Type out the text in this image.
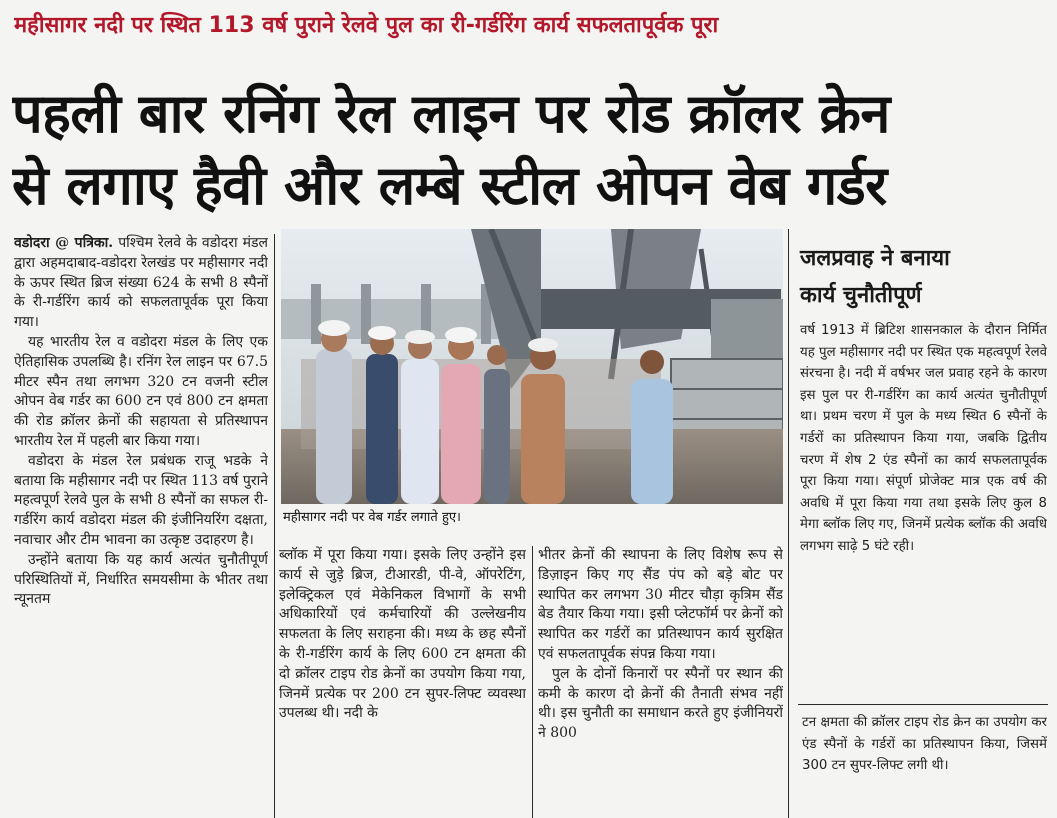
महीसागर नदी पर स्थित 113 वर्ष पुराने रेलवे पुल का री-गर्डरिंग कार्य सफलतापूर्वक पूरा
पहली बार रनिंग रेल लाइन पर रोड क्रॉलर क्रेन
से लगाए हैवी और लम्बे स्टील ओपन वेब गर्डर

वडोदरा @ पत्रिका. पश्चिम रेलवे के वडोदरा मंडल द्वारा अहमदाबाद-वडोदरा रेलखंड पर महीसागर नदी के ऊपर स्थित ब्रिज संख्या 624 के सभी 8 स्पैनों के री-गर्डरिंग कार्य को सफलतापूर्वक पूरा किया गया।

यह भारतीय रेल व वडोदरा मंडल के लिए एक ऐतिहासिक उपलब्धि है। रनिंग रेल लाइन पर 67.5 मीटर स्पैन तथा लगभग 320 टन वजनी स्टील ओपन वेब गर्डर का 600 टन एवं 800 टन क्षमता की रोड क्रॉलर क्रेनों की सहायता से प्रतिस्थापन भारतीय रेल में पहली बार किया गया।

वडोदरा के मंडल रेल प्रबंधक राजू भडके ने बताया कि महीसागर नदी पर स्थित 113 वर्ष पुराने महत्वपूर्ण रेलवे पुल के सभी 8 स्पैनों का सफल री-गर्डरिंग कार्य वडोदरा मंडल की इंजीनियरिंग दक्षता, नवाचार और टीम भावना का उत्कृष्ट उदाहरण है।

उन्होंने बताया कि यह कार्य अत्यंत चुनौतीपूर्ण परिस्थितियों में, निर्धारित समयसीमा के भीतर तथा न्यूनतम

महीसागर नदी पर वेब गर्डर लगाते हुए।

ब्लॉक में पूरा किया गया। इसके लिए उन्होंने इस कार्य से जुड़े ब्रिज, टीआरडी, पी-वे, ऑपरेटिंग, इलेक्ट्रिकल एवं मेकेनिकल विभागों के सभी अधिकारियों एवं कर्मचारियों की उल्लेखनीय सफलता के लिए सराहना की। मध्य के छह स्पैनों के री-गर्डरिंग कार्य के लिए 600 टन क्षमता की दो क्रॉलर टाइप रोड क्रेनों का उपयोग किया गया, जिनमें प्रत्येक पर 200 टन सुपर-लिफ्ट व्यवस्था उपलब्ध थी। नदी के

भीतर क्रेनों की स्थापना के लिए विशेष रूप से डिज़ाइन किए गए सैंड पंप को बड़े बोट पर स्थापित कर लगभग 30 मीटर चौड़ा कृत्रिम सैंड बेड तैयार किया गया। इसी प्लेटफॉर्म पर क्रेनों को स्थापित कर गर्डरों का प्रतिस्थापन कार्य सुरक्षित एवं सफलतापूर्वक संपन्न किया गया।

पुल के दोनों किनारों पर स्पैनों पर स्थान की कमी के कारण दो क्रेनों की तैनाती संभव नहीं थी। इस चुनौती का समाधान करते हुए इंजीनियरों ने 800

जलप्रवाह ने बनाया
कार्य चुनौतीपूर्ण

वर्ष 1913 में ब्रिटिश शासनकाल के दौरान निर्मित यह पुल महीसागर नदी पर स्थित एक महत्वपूर्ण रेलवे संरचना है। नदी में वर्षभर जल प्रवाह रहने के कारण इस पुल पर री-गर्डरिंग का कार्य अत्यंत चुनौतीपूर्ण था। प्रथम चरण में पुल के मध्य स्थित 6 स्पैनों के गर्डरों का प्रतिस्थापन किया गया, जबकि द्वितीय चरण में शेष 2 एंड स्पैनों का कार्य सफलतापूर्वक पूरा किया गया। संपूर्ण प्रोजेक्ट मात्र एक वर्ष की अवधि में पूरा किया गया तथा इसके लिए कुल 8 मेगा ब्लॉक लिए गए, जिनमें प्रत्येक ब्लॉक की अवधि लगभग साढ़े 5 घंटे रही।

टन क्षमता की क्रॉलर टाइप रोड क्रेन का उपयोग कर एंड स्पैनों के गर्डरों का प्रतिस्थापन किया, जिसमें 300 टन सुपर-लिफ्ट लगी थी।
